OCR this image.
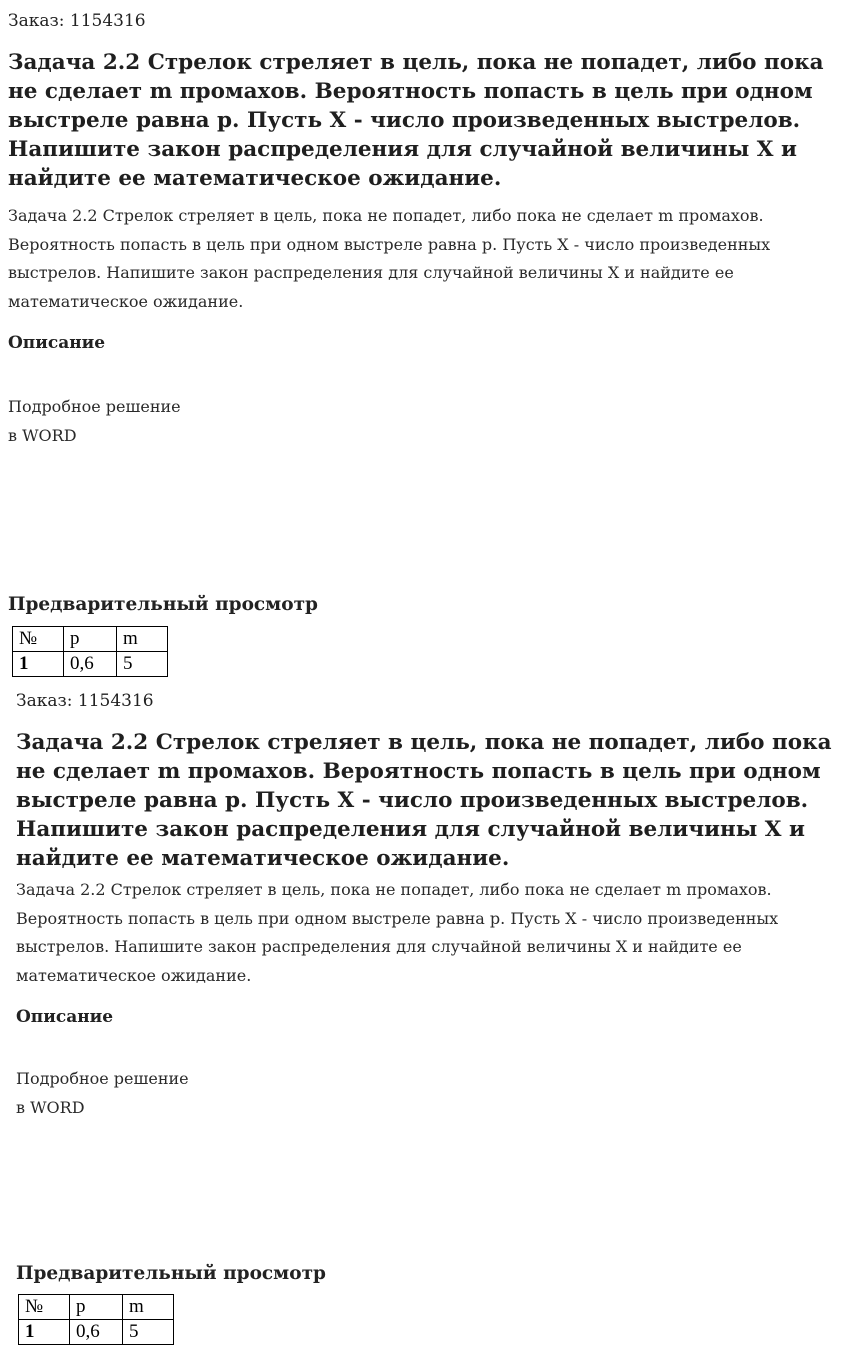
Заказ: 1154316
Задача 2.2 Стрелок стреляет в цель, пока не попадет, либо пока не сделает m промахов. Вероятность попасть в цель при одном выстреле равна p. Пусть X - число произведенных выстрелов. Напишите закон распределения для случайной величины X и найдите ее математическое ожидание.

Задача 2.2 Стрелок стреляет в цель, пока не попадет, либо пока не сделает m промахов. Вероятность попасть в цель при одном выстреле равна p. Пусть X - число произведенных выстрелов. Напишите закон распределения для случайной величины X и найдите ее математическое ожидание.

Описание

Подробное решение
в WORD

Предварительный просмотр
№	p	m
1	0,6	5
Заказ: 1154316
Задача 2.2 Стрелок стреляет в цель, пока не попадет, либо пока не сделает m промахов. Вероятность попасть в цель при одном выстреле равна p. Пусть X - число произведенных выстрелов. Напишите закон распределения для случайной величины X и найдите ее математическое ожидание.

Задача 2.2 Стрелок стреляет в цель, пока не попадет, либо пока не сделает m промахов. Вероятность попасть в цель при одном выстреле равна p. Пусть X - число произведенных выстрелов. Напишите закон распределения для случайной величины X и найдите ее математическое ожидание.

Описание

Подробное решение
в WORD

Предварительный просмотр
№	p	m
1	0,6	5
